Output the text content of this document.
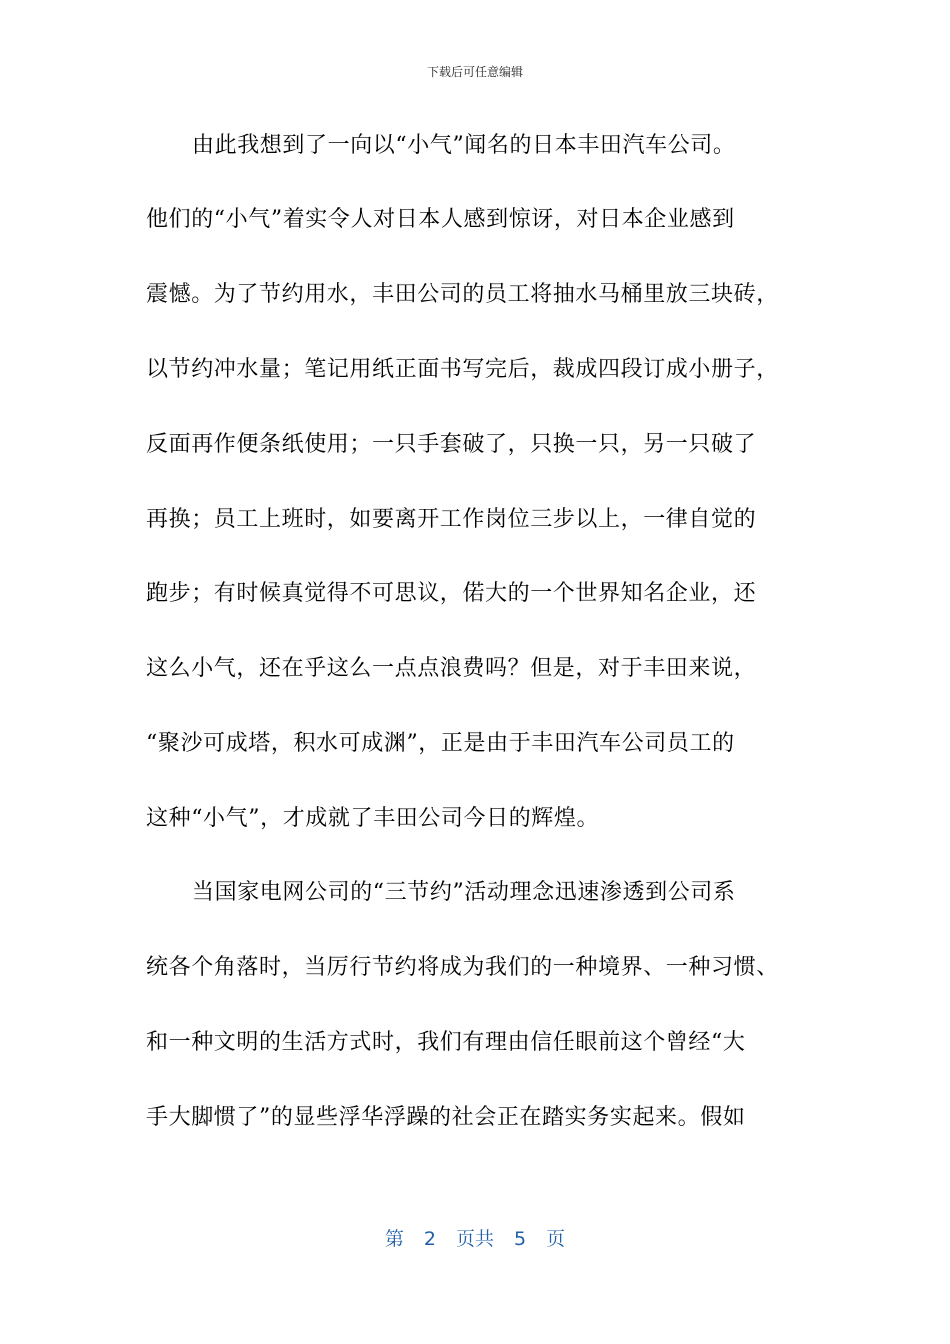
下载后可任意编辑
由此我想到了一向以“小气”闻名的日本丰田汽车公司。
他们的“小气”着实令人对日本人感到惊讶，对日本企业感到
震憾。为了节约用水，丰田公司的员工将抽水马桶里放三块砖，
以节约冲水量；笔记用纸正面书写完后，裁成四段订成小册子，
反面再作便条纸使用；一只手套破了，只换一只，另一只破了
再换；员工上班时，如要离开工作岗位三步以上，一律自觉的
跑步；有时候真觉得不可思议，偌大的一个世界知名企业，还
这么小气，还在乎这么一点点浪费吗？但是，对于丰田来说，
“聚沙可成塔，积水可成渊”，正是由于丰田汽车公司员工的
这种“小气”，才成就了丰田公司今日的辉煌。
当国家电网公司的“三节约”活动理念迅速渗透到公司系
统各个角落时，当厉行节约将成为我们的一种境界、一种习惯、
和一种文明的生活方式时，我们有理由信任眼前这个曾经“大
手大脚惯了”的显些浮华浮躁的社会正在踏实务实起来。假如
第 2 页共 5 页
